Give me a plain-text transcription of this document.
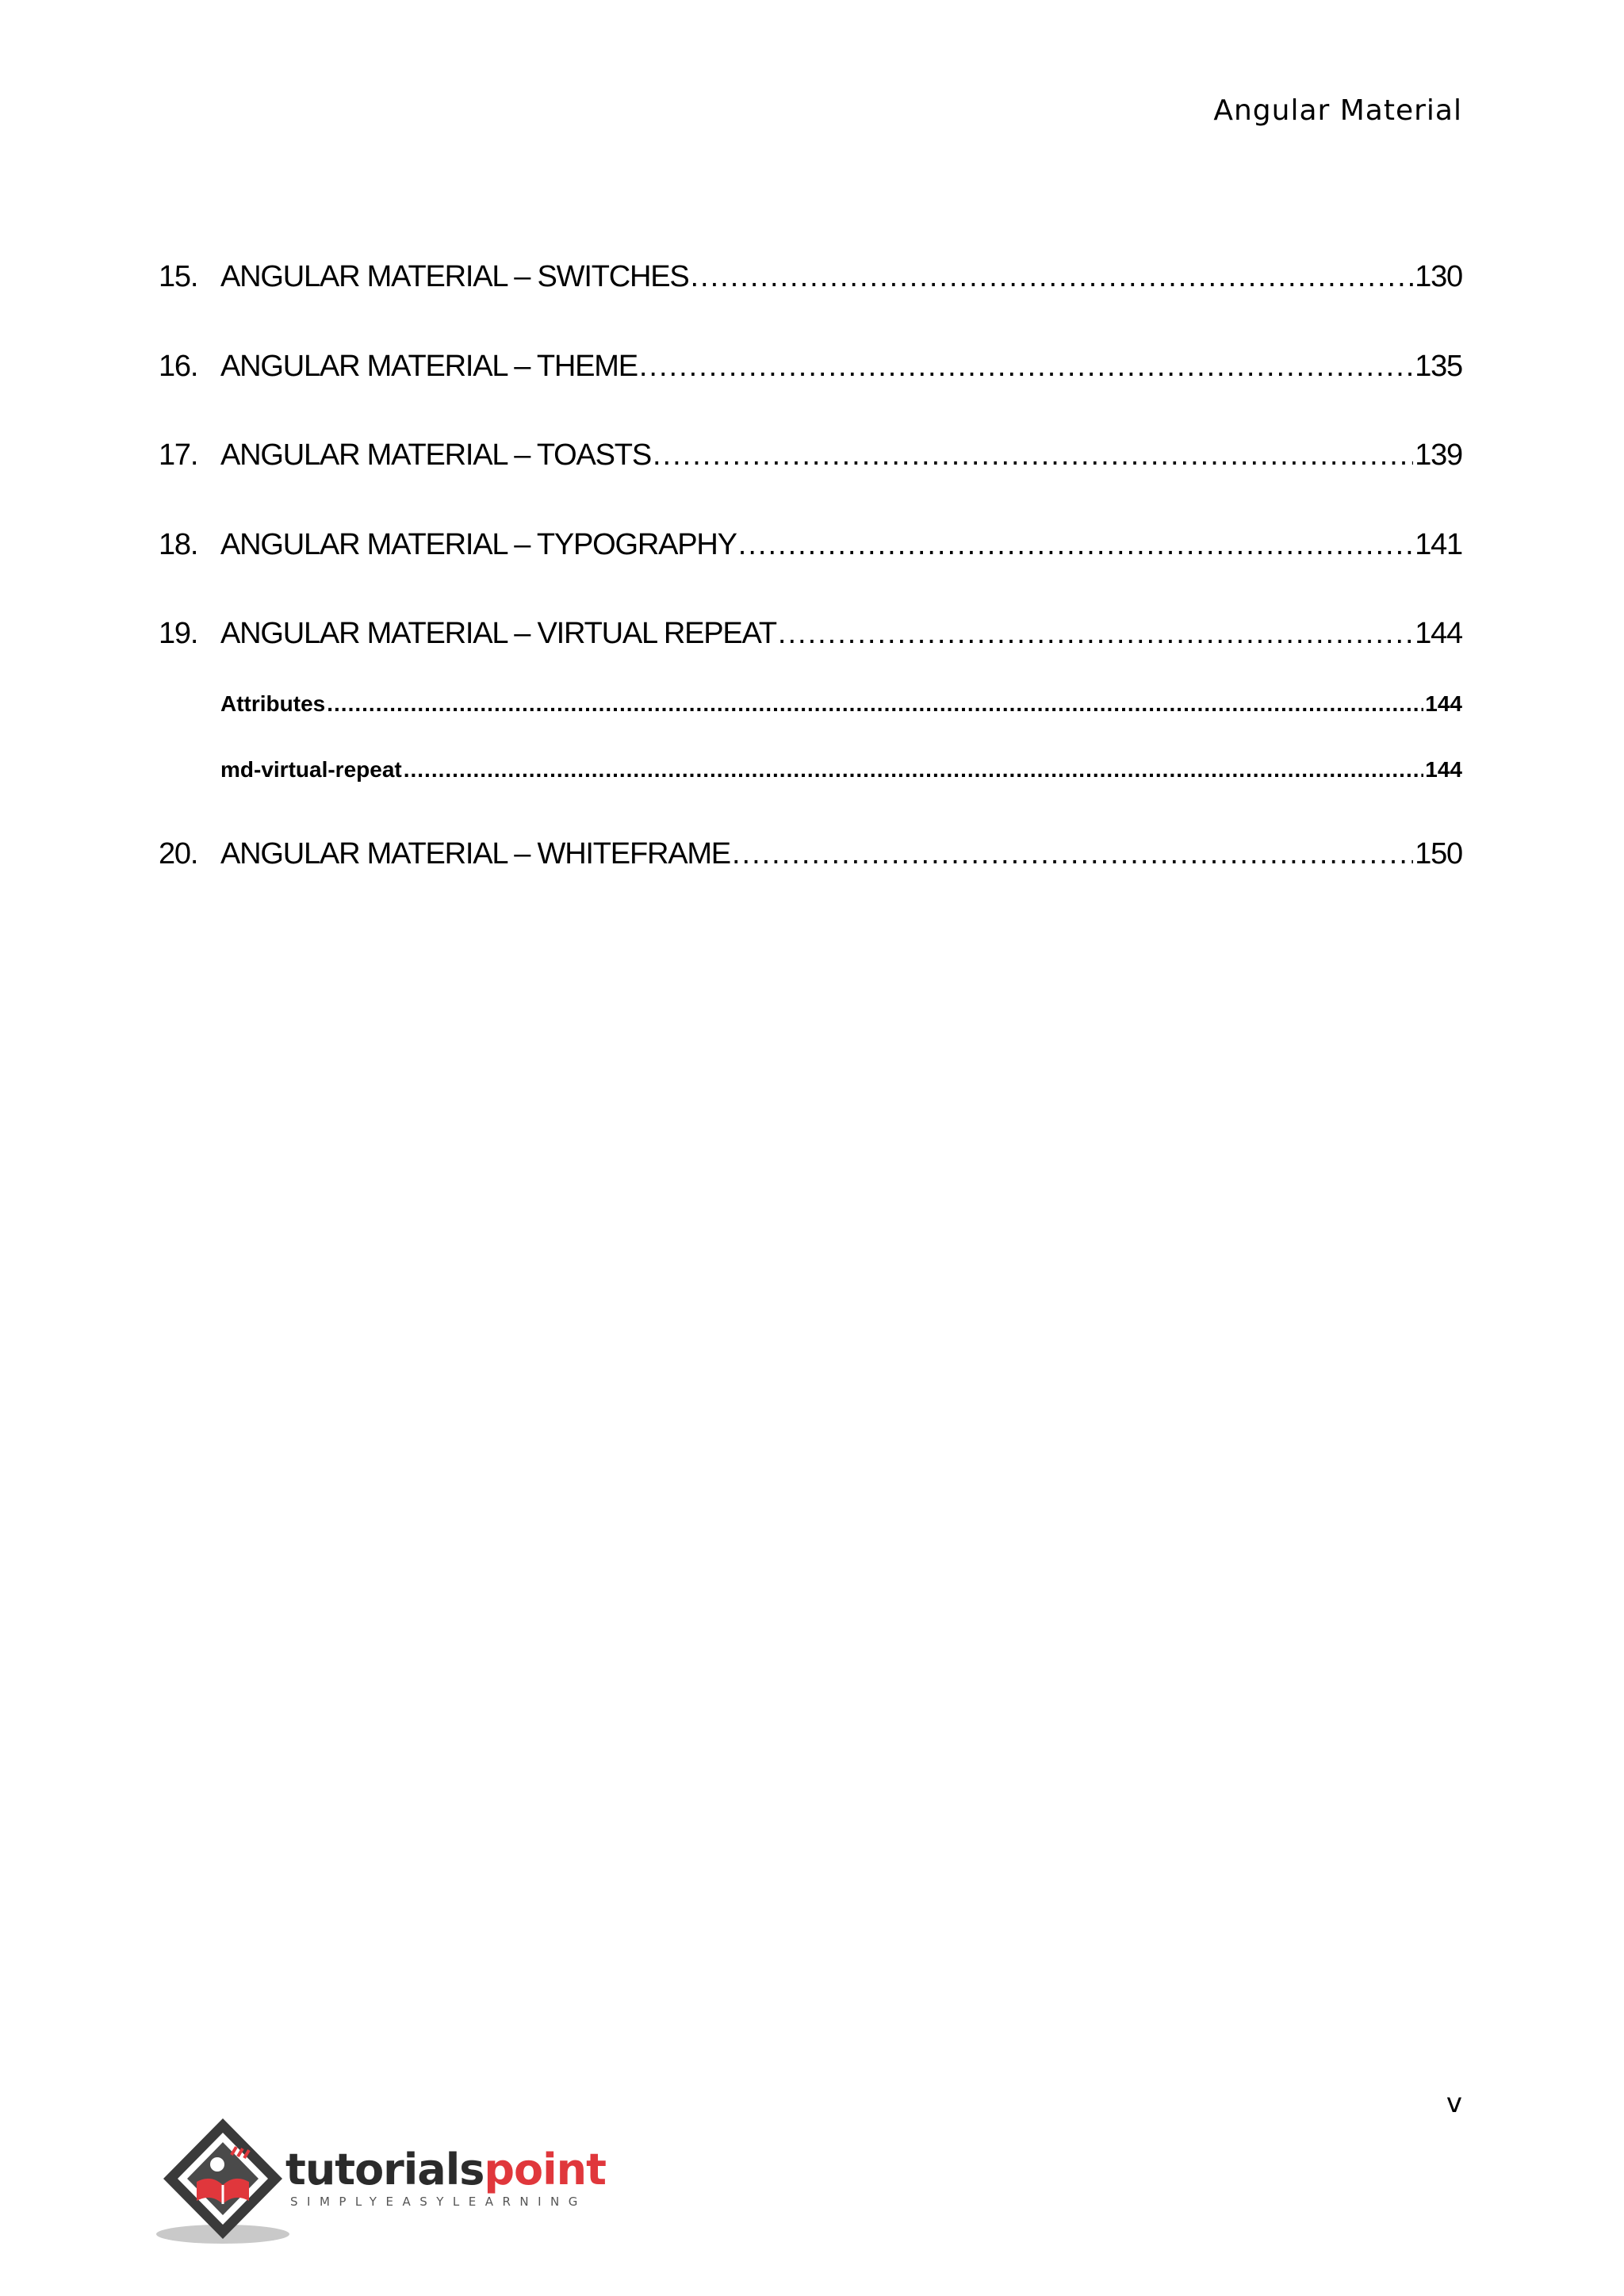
Angular Material
15. ANGULAR MATERIAL – SWITCHES .....	130
16. ANGULAR MATERIAL – THEME .....	135
17. ANGULAR MATERIAL – TOASTS .....	139
18. ANGULAR MATERIAL – TYPOGRAPHY .....	141
19. ANGULAR MATERIAL – VIRTUAL REPEAT .....	144
Attributes .....	144
md-virtual-repeat .....	144
20. ANGULAR MATERIAL – WHITEFRAME .....	150
v
tutorialspoint
SIMPLYEASYLEARNING
